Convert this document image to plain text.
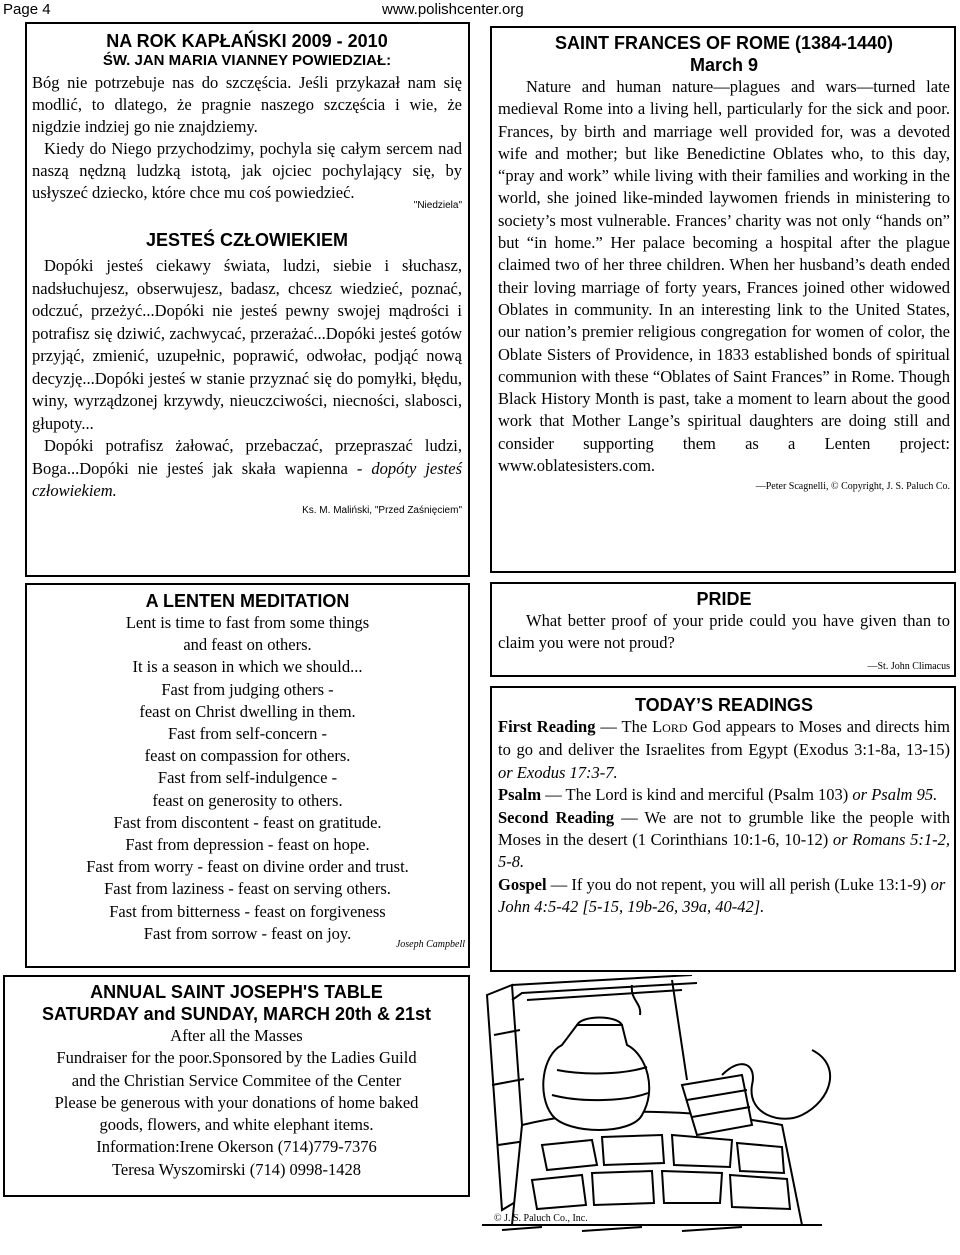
Page 4	www.polishcenter.org
NA ROK KAPŁAŃSKI 2009 - 2010
ŚW. JAN MARIA VIANNEY POWIEDZIAŁ:

Bóg nie potrzebuje nas do szczęścia. Jeśli przykazał nam się modlić, to dlatego, że pragnie naszego szczęścia i wie, że nigdzie indziej go nie znajdziemy.

Kiedy do Niego przychodzimy, pochyla się całym sercem nad naszą nędzną ludzką istotą, jak ojciec pochylający się, by usłyszeć dziecko, które chce mu coś powiedzieć.

"Niedziela"
JESTEŚ CZŁOWIEKIEM

Dopóki jesteś ciekawy świata, ludzi, siebie i słuchasz, nadsłuchujesz, obserwujesz, badasz, chcesz wiedzieć, poznać, odczuć, przeżyć...Dopóki nie jesteś pewny swojej mądrości i potrafisz się dziwić, zachwycać, przerażać...Dopóki jesteś gotów przyjąć, zmienić, uzupełnic, poprawić, odwołac, podjąć nową decyzję...Dopóki jesteś w stanie przyznać się do pomyłki, błędu, winy, wyrządzonej krzywdy, nieuczciwości, niecności, slabosci, głupoty...

Dopóki potrafisz żałować, przebaczać, przepraszać ludzi, Boga...Dopóki nie jesteś jak skała wapienna - dopóty jesteś człowiekiem.

Ks. M. Maliński, "Przed Zaśnięciem"
A LENTEN MEDITATION
Lent is time to fast from some things
and feast on others.
It is a season in which we should...
Fast from judging others -
feast on Christ dwelling in them.
Fast from self-concern -
feast on compassion for others.
Fast from self-indulgence -
feast on generosity to others.
Fast from discontent - feast on gratitude.
Fast from depression - feast on hope.
Fast from worry - feast on divine order and trust.
Fast from laziness - feast on serving others.
Fast from bitterness - feast on forgiveness
Fast from sorrow - feast on joy.
Joseph Campbell
ANNUAL SAINT JOSEPH'S TABLE
SATURDAY and SUNDAY, MARCH 20th & 21st
After all the Masses
Fundraiser for the poor.Sponsored by the Ladies Guild
and the Christian Service Commitee of the Center
Please be generous with your donations of home baked
goods, flowers, and white elephant items.
Information:Irene Okerson (714)779-7376
Teresa Wyszomirski (714) 0998-1428
SAINT FRANCES OF ROME (1384-1440)
March 9

Nature and human nature—plagues and wars—turned late medieval Rome into a living hell, particularly for the sick and poor. Frances, by birth and marriage well provided for, was a devoted wife and mother; but like Benedictine Oblates who, to this day, “pray and work” while living with their families and working in the world, she joined like-minded laywomen friends in ministering to society’s most vulnerable. Frances’ charity was not only “hands on” but “in home.” Her palace becoming a hospital after the plague claimed two of her three children. When her husband’s death ended their loving marriage of forty years, Frances joined other widowed Oblates in community. In an interesting link to the United States, our nation’s premier religious congregation for women of color, the Oblate Sisters of Providence, in 1833 established bonds of spiritual communion with these “Oblates of Saint Frances” in Rome. Though Black History Month is past, take a moment to learn about the good work that Mother Lange’s spiritual daughters are doing still and consider supporting them as a Lenten project: www.oblatesisters.com.

—Peter Scagnelli, © Copyright, J. S. Paluch Co.
PRIDE

What better proof of your pride could you have given than to claim you were not proud?

—St. John Climacus
TODAY’S READINGS

First Reading — The LORD God appears to Moses and directs him to go and deliver the Israelites from Egypt (Exodus 3:1-8a, 13-15) or Exodus 17:3-7.

Psalm — The Lord is kind and merciful (Psalm 103) or Psalm 95.

Second Reading — We are not to grumble like the people with Moses in the desert (1 Corinthians 10:1-6, 10-12) or Romans 5:1-2, 5-8.

Gospel — If you do not repent, you will all perish (Luke 13:1-9) or John 4:5-42 [5-15, 19b-26, 39a, 40-42].

© J. S. Paluch Co., Inc.
